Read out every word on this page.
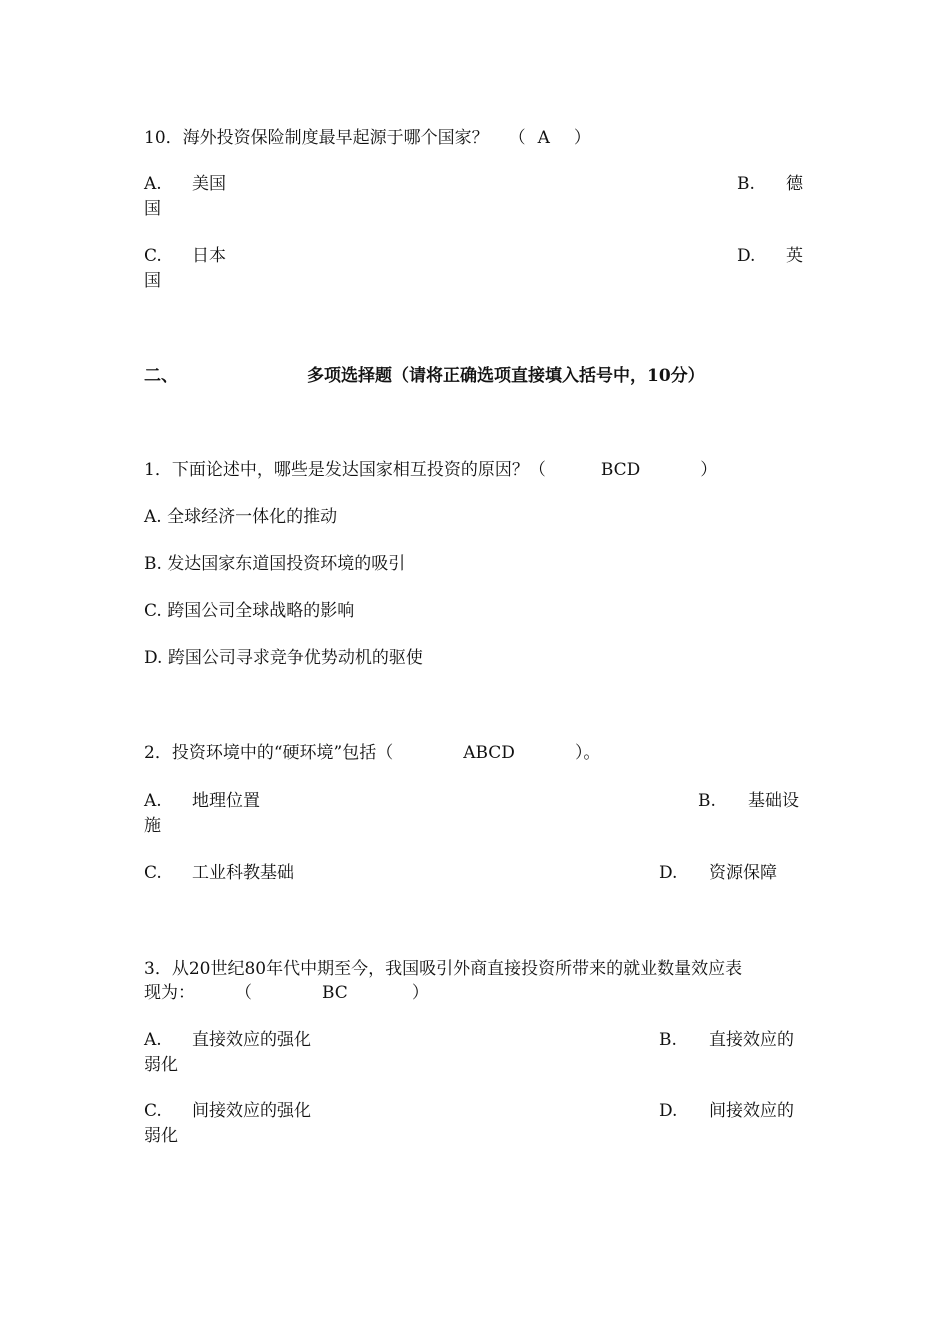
10．海外投资保险制度最早起源于哪个国家？ （ A ）
A. 美国	B. 德
国
C. 日本	D. 英
国
二、	多项选择题（请将正确选项直接填入括号中，10分）
1．下面论述中，哪些是发达国家相互投资的原因？（	BCD	）
A. 全球经济一体化的推动
B. 发达国家东道国投资环境的吸引
C. 跨国公司全球战略的影响
D. 跨国公司寻求竞争优势动机的驱使
2．投资环境中的“硬环境”包括（	ABCD	）。
A. 地理位置	B. 基础设
施
C. 工业科教基础	D. 资源保障
3．从20世纪80年代中期至今，我国吸引外商直接投资所带来的就业数量效应表
现为： （	BC	）
A. 直接效应的强化	B. 直接效应的
弱化
C. 间接效应的强化	D. 间接效应的
弱化
